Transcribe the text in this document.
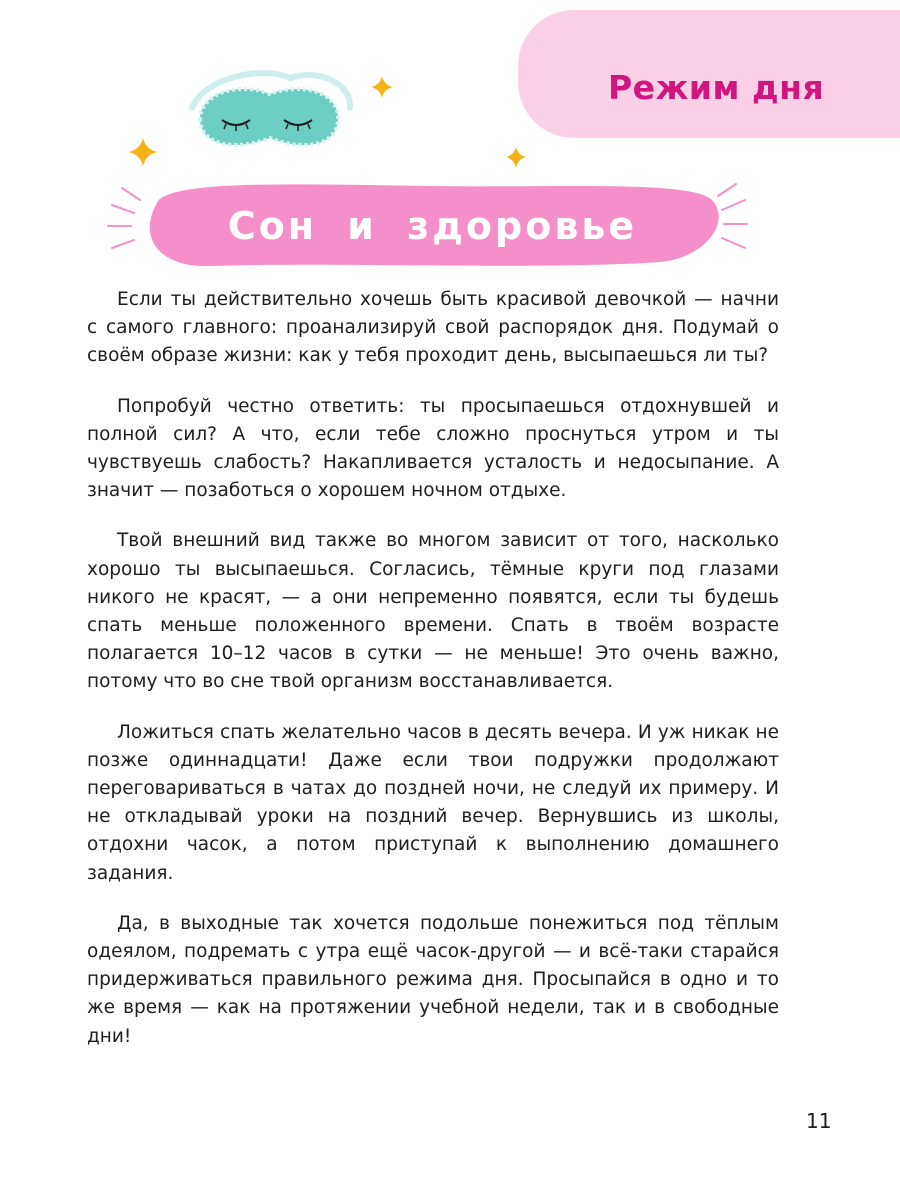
Режим дня
Сон и здоровье

Если ты действительно хочешь быть красивой девочкой — начни с самого главного: проанализируй свой распорядок дня. Подумай о своём образе жизни: как у тебя проходит день, высыпаешься ли ты?

Попробуй честно ответить: ты просыпаешься отдохнувшей и полной сил? А что, если тебе сложно проснуться утром и ты чувствуешь слабость? Накапливается усталость и недосыпание. А значит — позаботься о хорошем ночном отдыхе.

Твой внешний вид также во многом зависит от того, насколько хорошо ты высыпаешься. Согласись, тёмные круги под глазами никого не красят, — а они непременно появятся, если ты будешь спать меньше положенного времени. Спать в твоём возрасте полагается 10–12 часов в сутки — не меньше! Это очень важно, потому что во сне твой организм восстанавливается.

Ложиться спать желательно часов в десять вечера. И уж никак не позже одиннадцати! Даже если твои подружки продолжают переговариваться в чатах до поздней ночи, не следуй их примеру. И не откладывай уроки на поздний вечер. Вернувшись из школы, отдохни часок, а потом приступай к выполнению домашнего задания.

Да, в выходные так хочется подольше понежиться под тёплым одеялом, подремать с утра ещё часок-другой — и всё-таки старайся придерживаться правильного режима дня. Просыпайся в одно и то же время — как на протяжении учебной недели, так и в свободные дни!

11
